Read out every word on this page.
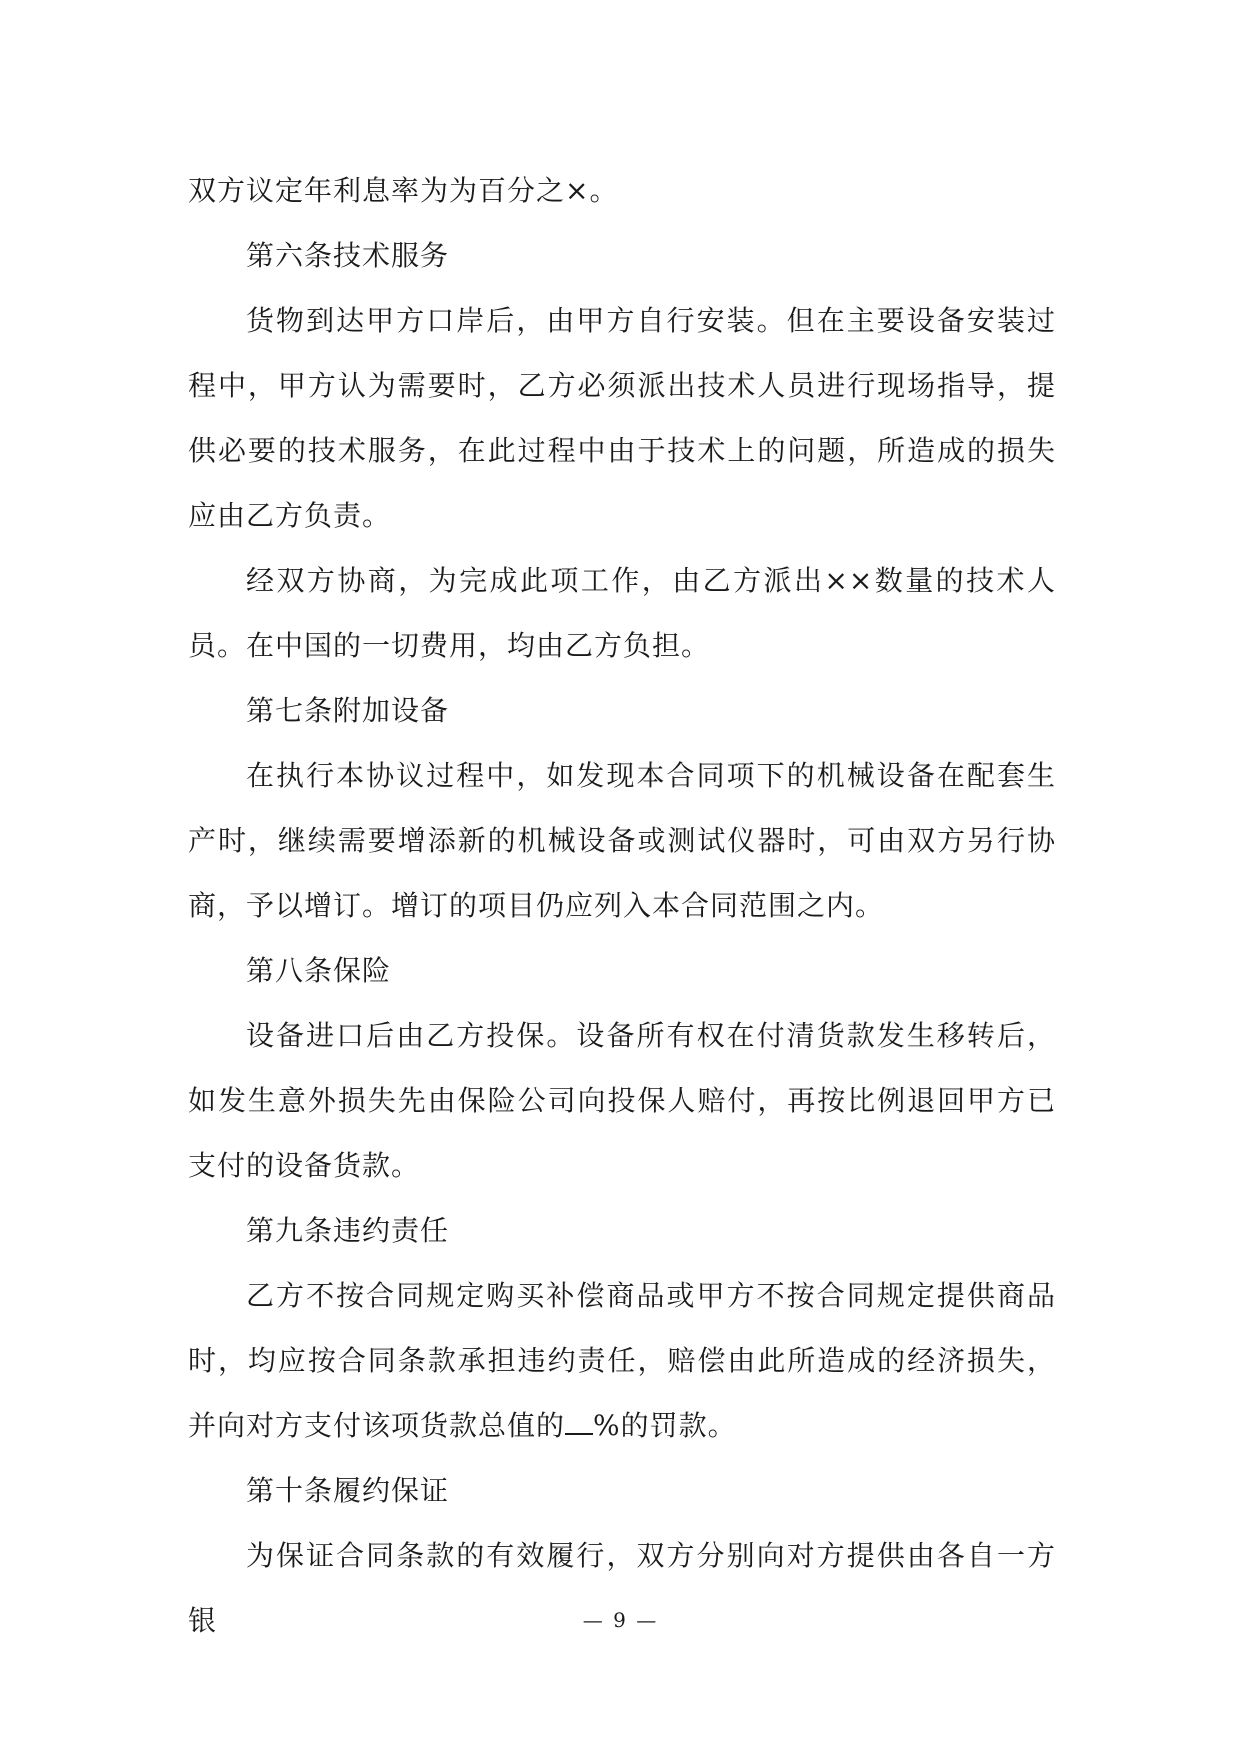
双方议定年利息率为为百分之×。

第六条技术服务

货物到达甲方口岸后，由甲方自行安装。但在主要设备安装过程中，甲方认为需要时，乙方必须派出技术人员进行现场指导，提供必要的技术服务，在此过程中由于技术上的问题，所造成的损失应由乙方负责。

经双方协商，为完成此项工作，由乙方派出××数量的技术人员。在中国的一切费用，均由乙方负担。

第七条附加设备

在执行本协议过程中，如发现本合同项下的机械设备在配套生产时，继续需要增添新的机械设备或测试仪器时，可由双方另行协商，予以增订。增订的项目仍应列入本合同范围之内。

第八条保险

设备进口后由乙方投保。设备所有权在付清货款发生移转后，如发生意外损失先由保险公司向投保人赔付，再按比例退回甲方已支付的设备货款。

第九条违约责任

乙方不按合同规定购买补偿商品或甲方不按合同规定提供商品时，均应按合同条款承担违约责任，赔偿由此所造成的经济损失，并向对方支付该项货款总值的 %的罚款。

第十条履约保证

为保证合同条款的有效履行，双方分别向对方提供由各自一方银	— 9 —
